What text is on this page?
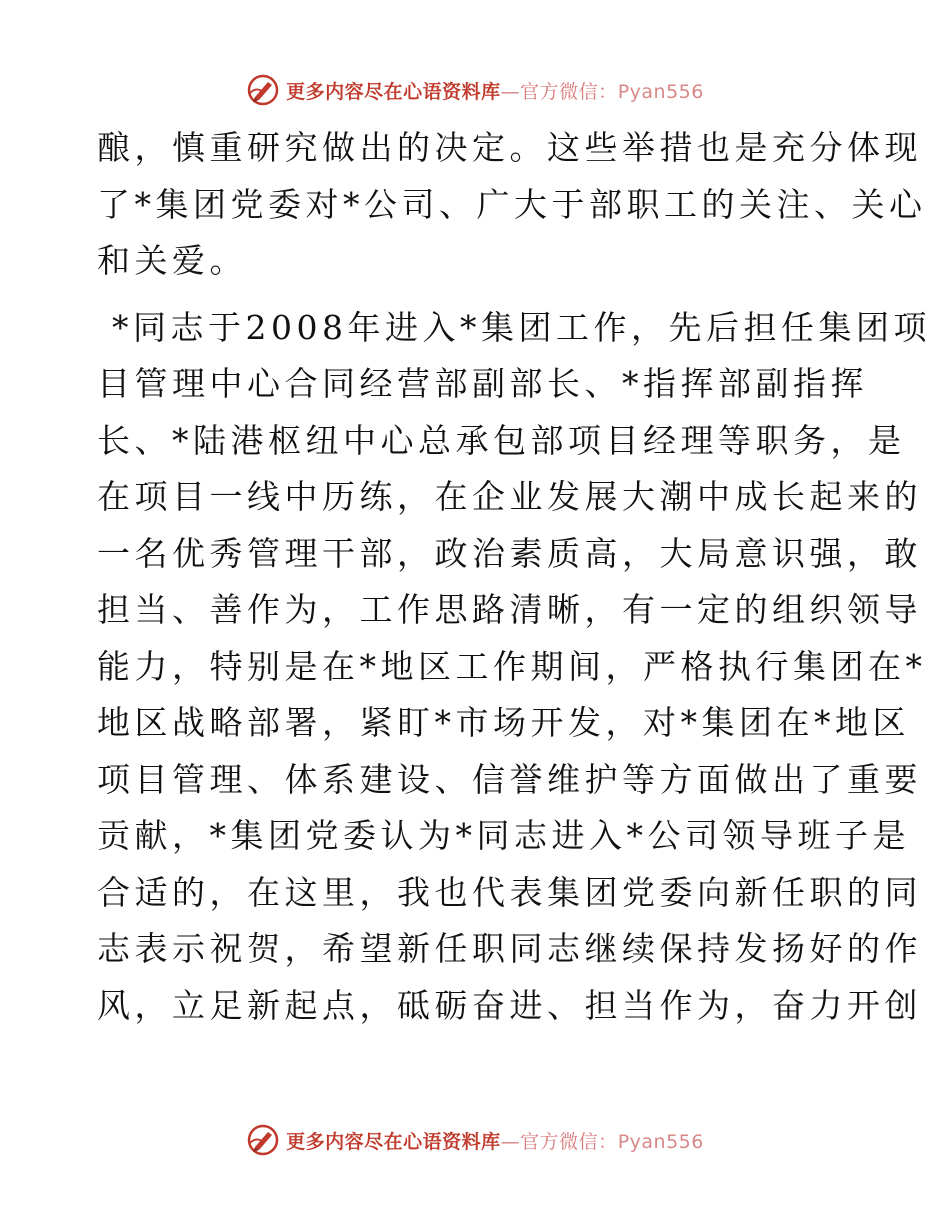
更多内容尽在心语资料库—官方微信：Pyan556
酿，慎重研究做出的决定。这些举措也是充分体现
了*集团党委对*公司、广大于部职工的关注、关心
和关爱。
*同志于2008年进入*集团工作，先后担任集团项
目管理中心合同经营部副部长、*指挥部副指挥
长、*陆港枢纽中心总承包部项目经理等职务，是
在项目一线中历练，在企业发展大潮中成长起来的
一名优秀管理干部，政治素质高，大局意识强，敢
担当、善作为，工作思路清晰，有一定的组织领导
能力，特别是在*地区工作期间，严格执行集团在*
地区战略部署，紧盯*市场开发，对*集团在*地区
项目管理、体系建设、信誉维护等方面做出了重要
贡献，*集团党委认为*同志进入*公司领导班子是
合适的，在这里，我也代表集团党委向新任职的同
志表示祝贺，希望新任职同志继续保持发扬好的作
风，立足新起点，砥砺奋进、担当作为，奋力开创
更多内容尽在心语资料库—官方微信：Pyan556
